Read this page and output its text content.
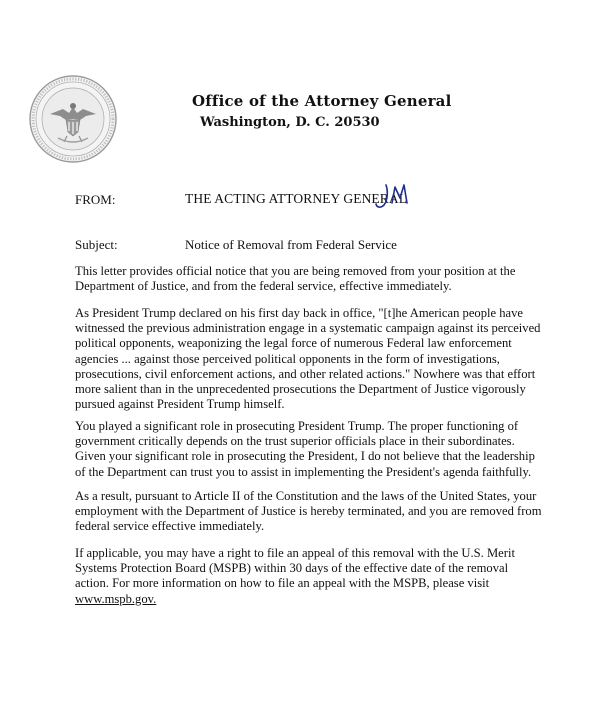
Office of the Attorney General
Washington, D. C. 20530
FROM:	THE ACTING ATTORNEY GENERAL
Subject:	Notice of Removal from Federal Service

This letter provides official notice that you are being removed from your position at the Department of Justice, and from the federal service, effective immediately.

As President Trump declared on his first day back in office, "[t]he American people have witnessed the previous administration engage in a systematic campaign against its perceived political opponents, weaponizing the legal force of numerous Federal law enforcement agencies ... against those perceived political opponents in the form of investigations, prosecutions, civil enforcement actions, and other related actions." Nowhere was that effort more salient than in the unprecedented prosecutions the Department of Justice vigorously pursued against President Trump himself.

You played a significant role in prosecuting President Trump. The proper functioning of government critically depends on the trust superior officials place in their subordinates. Given your significant role in prosecuting the President, I do not believe that the leadership of the Department can trust you to assist in implementing the President's agenda faithfully.

As a result, pursuant to Article II of the Constitution and the laws of the United States, your employment with the Department of Justice is hereby terminated, and you are removed from federal service effective immediately.

If applicable, you may have a right to file an appeal of this removal with the U.S. Merit Systems Protection Board (MSPB) within 30 days of the effective date of the removal action. For more information on how to file an appeal with the MSPB, please visit

www.mspb.gov.
